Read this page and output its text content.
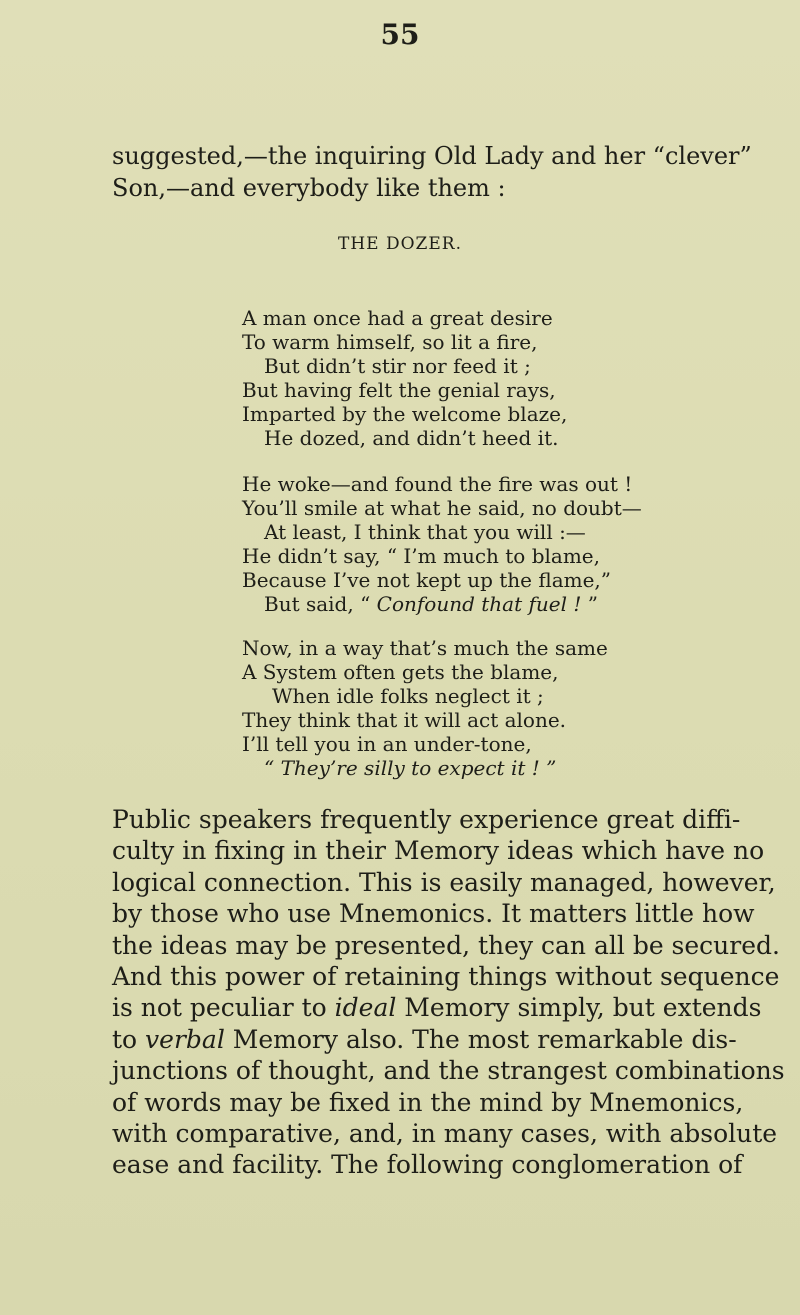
55
suggested,—the inquiring Old Lady and her “clever”
Son,—and everybody like them :
THE DOZER.
A man once had a great desire
To warm himself, so lit a fire,
But didn’t stir nor feed it ;
But having felt the genial rays,
Imparted by the welcome blaze,
He dozed, and didn’t heed it.
He woke—and found the fire was out !
You’ll smile at what he said, no doubt—
At least, I think that you will :—
He didn’t say, “ I’m much to blame,
Because I’ve not kept up the flame,”
But said, “ Confound that fuel ! ”
Now, in a way that’s much the same
A System often gets the blame,
When idle folks neglect it ;
They think that it will act alone.
I’ll tell you in an under-tone,
“ They’re silly to expect it ! ”
Public speakers frequently experience great diffi-
culty in fixing in their Memory ideas which have no
logical connection. This is easily managed, however,
by those who use Mnemonics. It matters little how
the ideas may be presented, they can all be secured.
And this power of retaining things without sequence
is not peculiar to ideal Memory simply, but extends
to verbal Memory also. The most remarkable dis-
junctions of thought, and the strangest combinations
of words may be fixed in the mind by Mnemonics,
with comparative, and, in many cases, with absolute
ease and facility. The following conglomeration of
